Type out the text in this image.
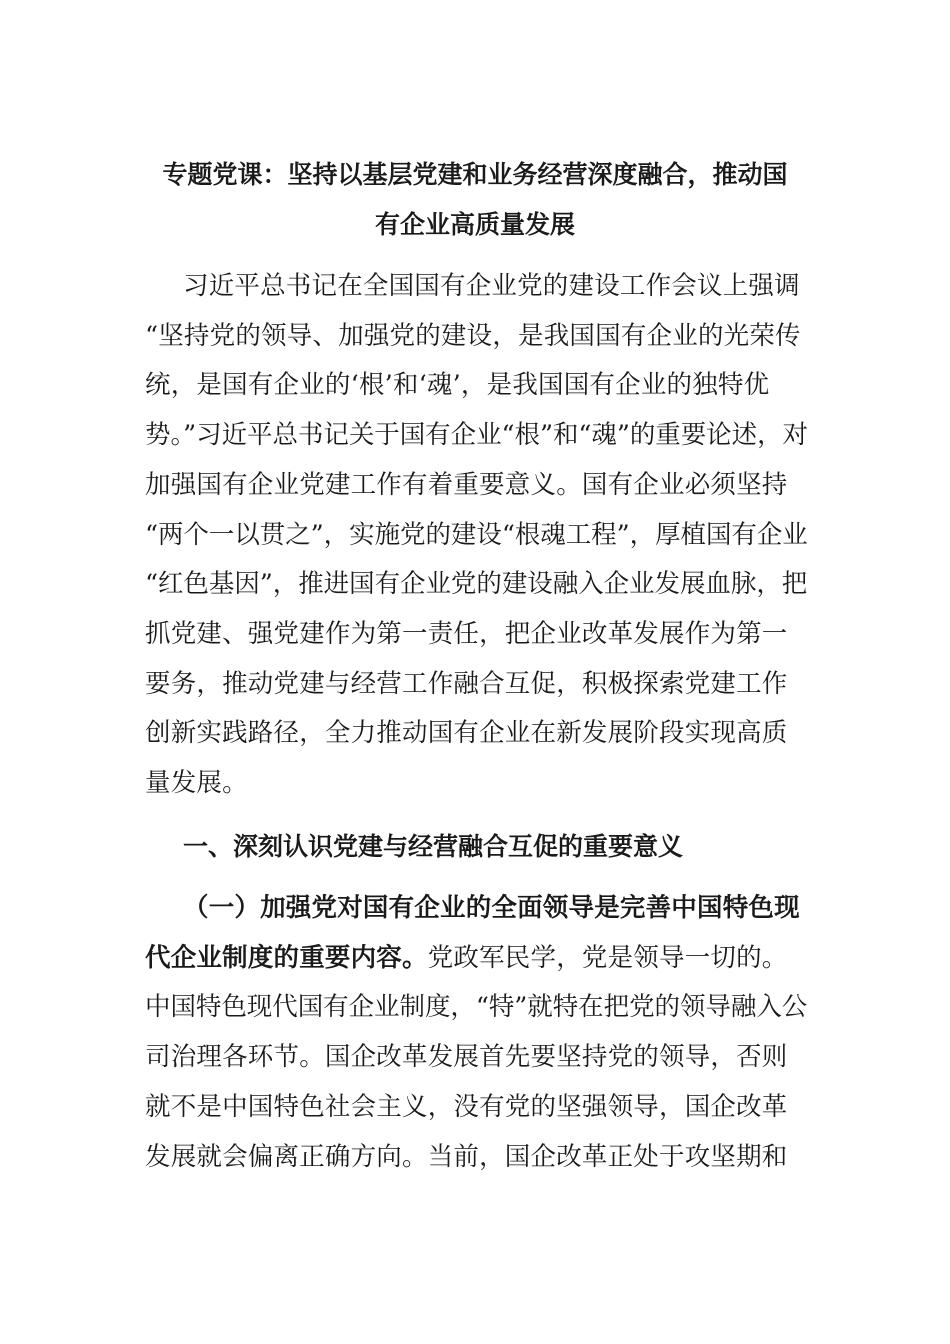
专题党课：坚持以基层党建和业务经营深度融合，推动国
有企业高质量发展
习近平总书记在全国国有企业党的建设工作会议上强调
“坚持党的领导、加强党的建设，是我国国有企业的光荣传
统，是国有企业的‘根’和‘魂’，是我国国有企业的独特优
势。”习近平总书记关于国有企业“根”和“魂”的重要论述，对
加强国有企业党建工作有着重要意义。国有企业必须坚持
“两个一以贯之”，实施党的建设“根魂工程”，厚植国有企业
“红色基因”，推进国有企业党的建设融入企业发展血脉，把
抓党建、强党建作为第一责任，把企业改革发展作为第一
要务，推动党建与经营工作融合互促，积极探索党建工作
创新实践路径，全力推动国有企业在新发展阶段实现高质
量发展。
一、深刻认识党建与经营融合互促的重要意义
（一）加强党对国有企业的全面领导是完善中国特色现
代企业制度的重要内容。党政军民学，党是领导一切的。
中国特色现代国有企业制度，“特”就特在把党的领导融入公
司治理各环节。国企改革发展首先要坚持党的领导，否则
就不是中国特色社会主义，没有党的坚强领导，国企改革
发展就会偏离正确方向。当前，国企改革正处于攻坚期和
